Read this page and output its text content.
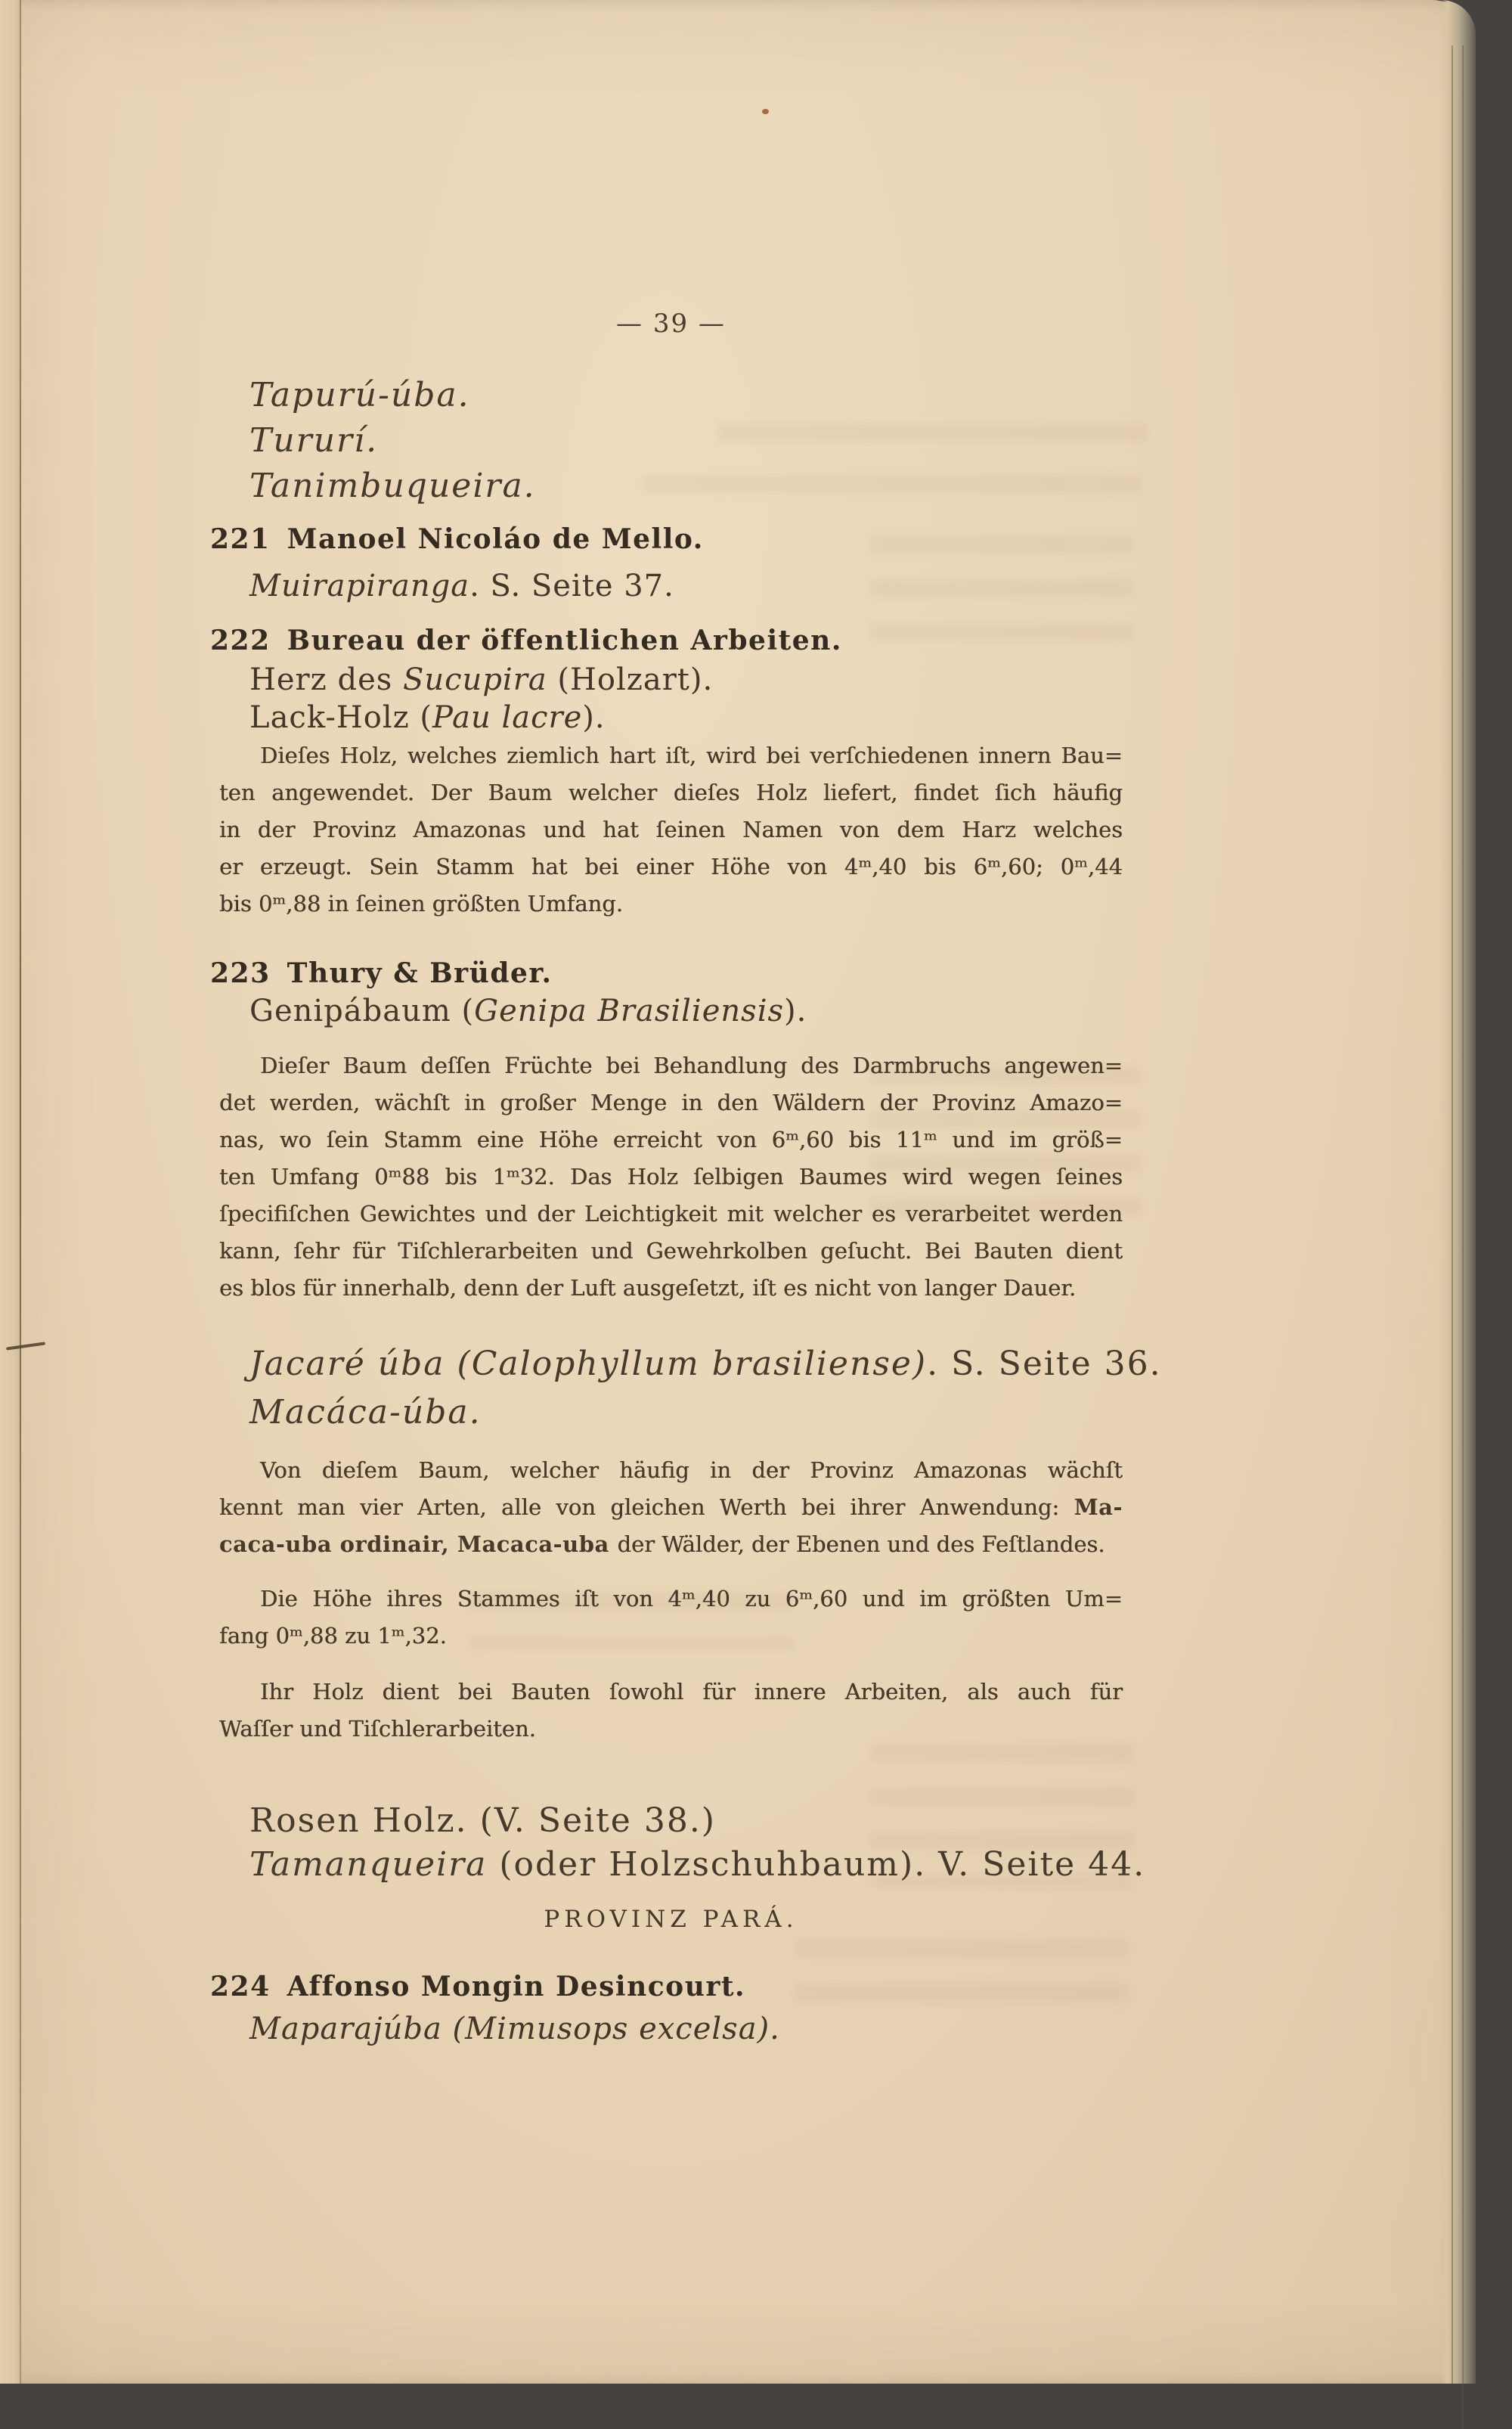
— 39 —
Tapurú-úba.
Tururí.
Tanimbuqueira.
221 Manoel Nicoláo de Mello.
Muirapiranga. S. Seite 37.
222 Bureau der öffentlichen Arbeiten.
Herz des Sucupira (Holzart).
Lack-Holz (Pau lacre).
Dieſes Holz, welches ziemlich hart iſt, wird bei verſchiedenen innern Bau=
ten angewendet. Der Baum welcher dieſes Holz liefert, findet ſich häufig
in der Provinz Amazonas und hat ſeinen Namen von dem Harz welches
er erzeugt. Sein Stamm hat bei einer Höhe von 4ᵐ,40 bis 6ᵐ,60; 0ᵐ,44
bis 0ᵐ,88 in ſeinen größten Umfang.
223 Thury & Brüder.
Genipábaum (Genipa Brasiliensis).
Dieſer Baum deſſen Früchte bei Behandlung des Darmbruchs angewen=
det werden, wächſt in großer Menge in den Wäldern der Provinz Amazo=
nas, wo ſein Stamm eine Höhe erreicht von 6ᵐ,60 bis 11ᵐ und im größ=
ten Umfang 0ᵐ88 bis 1ᵐ32. Das Holz ſelbigen Baumes wird wegen ſeines
ſpecifiſchen Gewichtes und der Leichtigkeit mit welcher es verarbeitet werden
kann, ſehr für Tiſchlerarbeiten und Gewehrkolben geſucht. Bei Bauten dient
es blos für innerhalb, denn der Luft ausgeſetzt, iſt es nicht von langer Dauer.
Jacaré úba (Calophyllum brasiliense). S. Seite 36.
Macáca-úba.
Von dieſem Baum, welcher häufig in der Provinz Amazonas wächſt
kennt man vier Arten, alle von gleichen Werth bei ihrer Anwendung: Ma-
caca-uba ordinair, Macaca-uba der Wälder, der Ebenen und des Feſtlandes.
Die Höhe ihres Stammes iſt von 4ᵐ,40 zu 6ᵐ,60 und im größten Um=
fang 0ᵐ,88 zu 1ᵐ,32.
Ihr Holz dient bei Bauten ſowohl für innere Arbeiten, als auch für
Waſſer und Tiſchlerarbeiten.
Rosen Holz. (V. Seite 38.)
Tamanqueira (oder Holzschuhbaum). V. Seite 44.
PROVINZ PARÁ.
224 Affonso Mongin Desincourt.
Maparajúba (Mimusops excelsa).
